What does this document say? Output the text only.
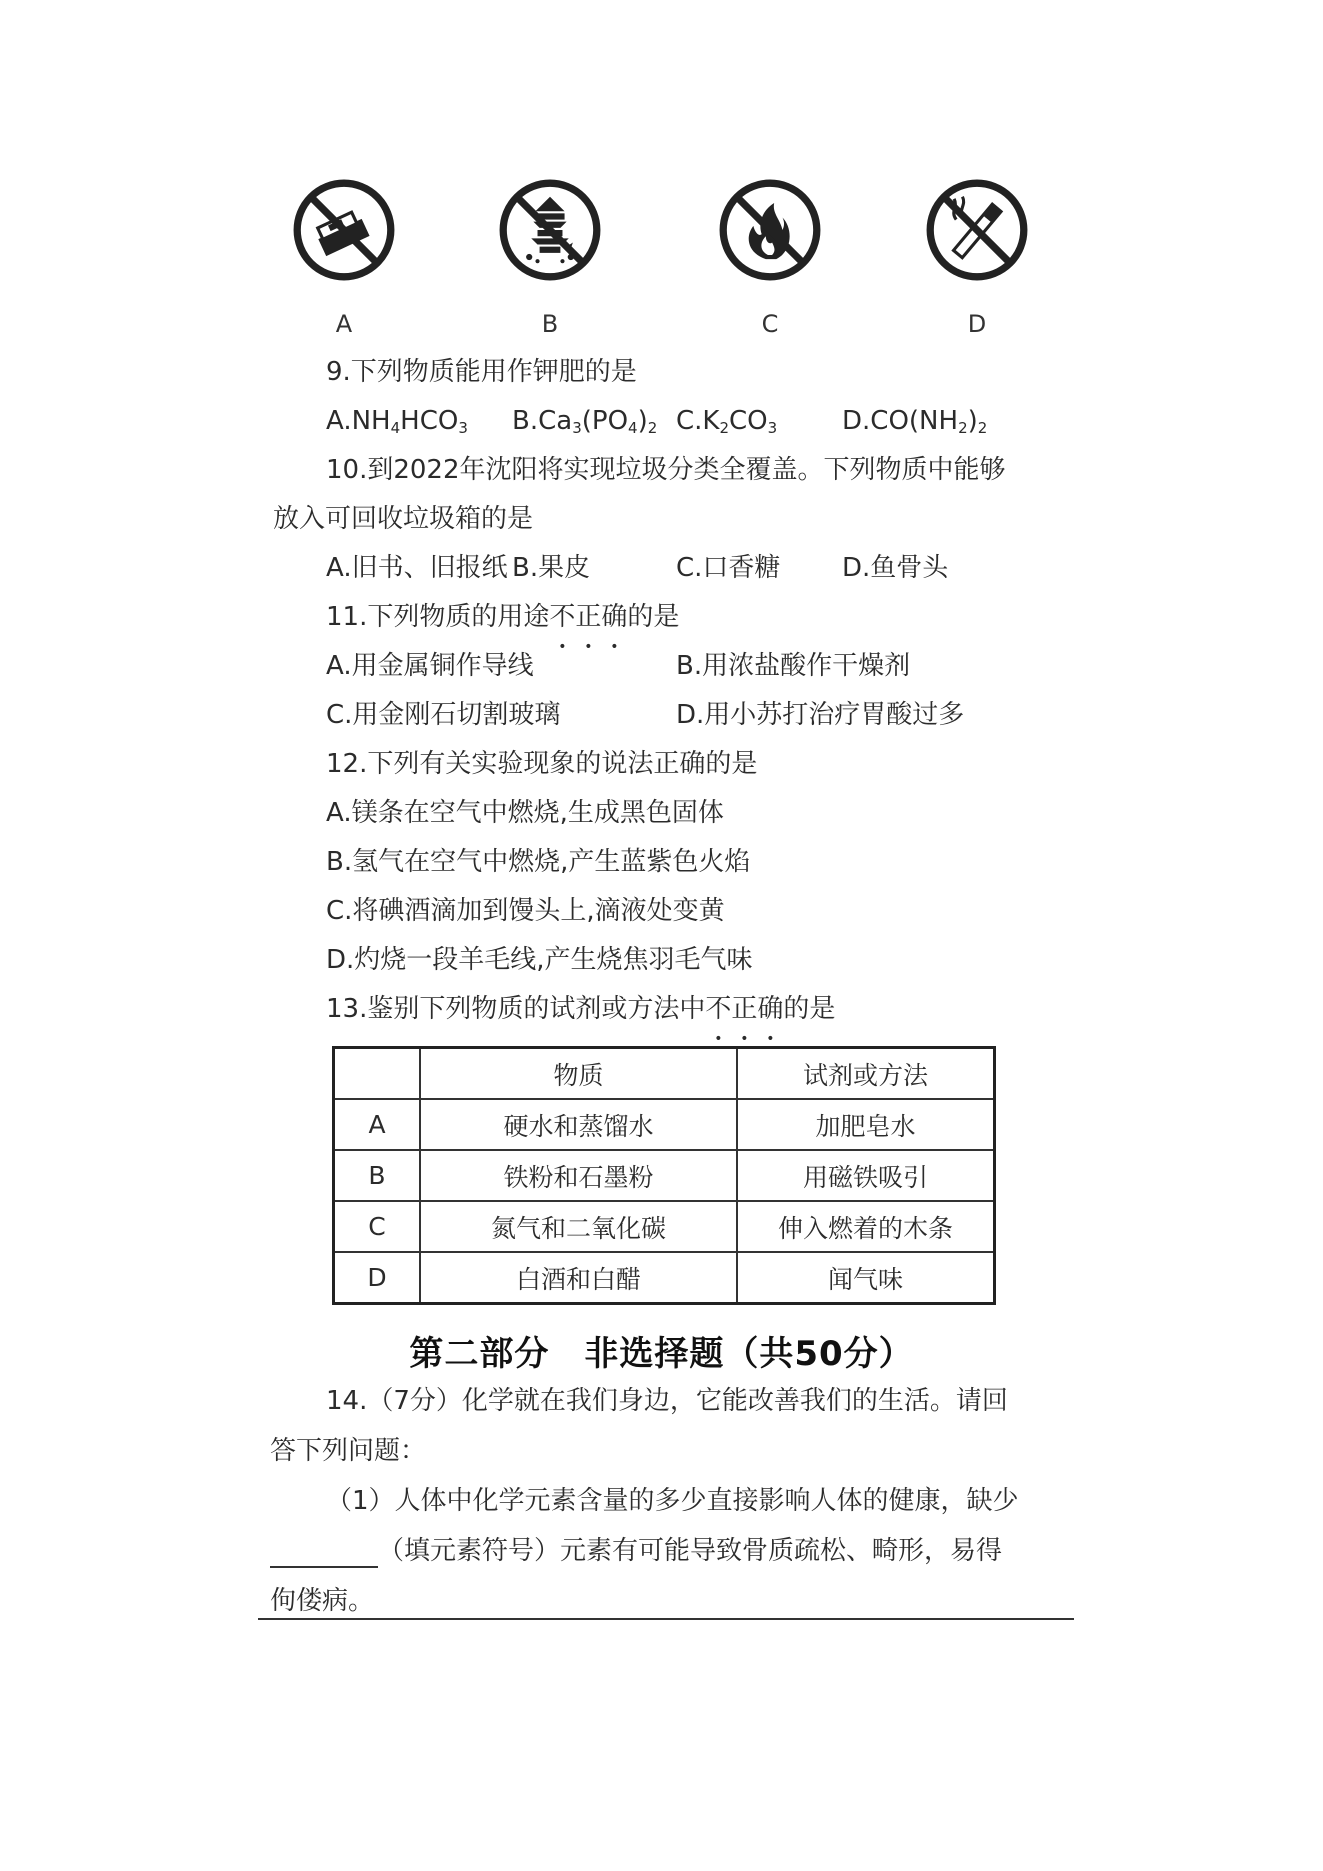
A	B	C	D
9.下列物质能用作钾肥的是
$A.NH_4HCO_3$ $B.Ca_3(PO_4)_2$ $C.K_2CO_3$ $D.CO(NH_2)_2$
10.到2022年沈阳将实现垃圾分类全覆盖。下列物质中能够
放入可回收垃圾箱的是
A.旧书、旧报纸 B.果皮	C.口香糖 D.鱼骨头
11.下列物质的用途不正确的是
A.用金属铜作导线	B.用浓盐酸作干燥剂
C.用金刚石切割玻璃	D.用小苏打治疗胃酸过多
12.下列有关实验现象的说法正确的是
A.镁条在空气中燃烧,生成黑色固体
B.氢气在空气中燃烧,产生蓝紫色火焰
C.将碘酒滴加到馒头上,滴液处变黄
D.灼烧一段羊毛线,产生烧焦羽毛气味
13.鉴别下列物质的试剂或方法中不正确的是
	物质	试剂或方法
A	硬水和蒸馏水	加肥皂水
B	铁粉和石墨粉	用磁铁吸引
C	氮气和二氧化碳	伸入燃着的木条
D	白酒和白醋	闻气味
第二部分　非选择题（共50分）
14.（7分）化学就在我们身边，它能改善我们的生活。请回
答下列问题：
（1）人体中化学元素含量的多少直接影响人体的健康，缺少
（填元素符号）元素有可能导致骨质疏松、畸形，易得
佝偻病。
